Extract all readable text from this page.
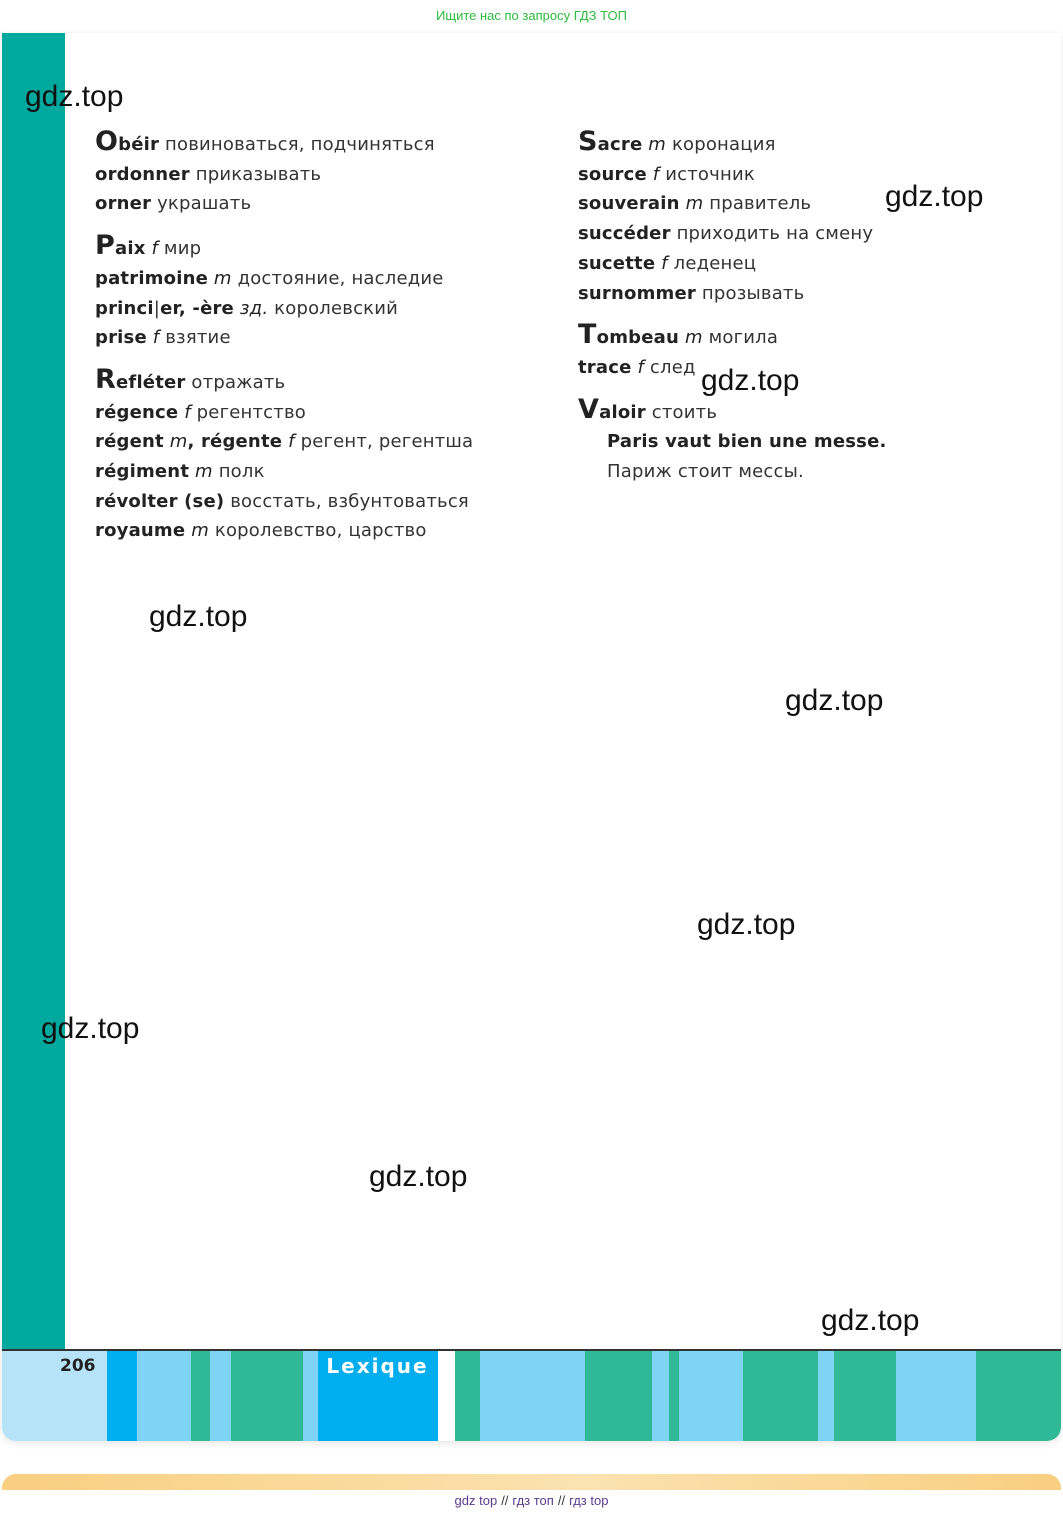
Ищите нас по запросу ГДЗ ТОП
Obéir повиноваться, подчиняться
ordonner приказывать
orner украшать
Paix f мир
patrimoine m достояние, наследие
princi|er, -ère зд. королевский
prise f взятие
Refléter отражать
régence f регентство
régent m, régente f регент, регентша
régiment m полк
révolter (se) восстать, взбунтоваться
royaume m королевство, царство
Sacre m коронация
source f источник
souverain m правитель
succéder приходить на смену
sucette f леденец
surnommer прозывать
Tombeau m могила
trace f след
Valoir стоить
Paris vaut bien une messe. Париж стоит мессы.
gdz.top
gdz.top
gdz.top
gdz.top
gdz.top
gdz.top
gdz.top
gdz.top
gdz.top
206	Lexique
gdz top // гдз топ // гдз top
